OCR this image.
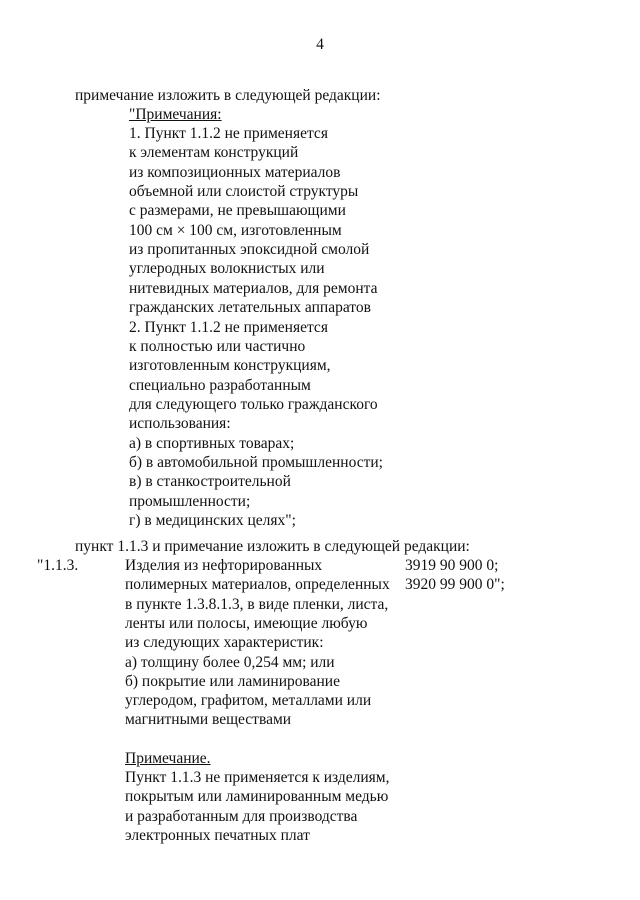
4
примечание изложить в следующей редакции:
"Примечания:
1. Пункт 1.1.2 не применяется
к элементам конструкций
из композиционных материалов
объемной или слоистой структуры
с размерами, не превышающими
100 см × 100 см, изготовленным
из пропитанных эпоксидной смолой
углеродных волокнистых или
нитевидных материалов, для ремонта
гражданских летательных аппаратов
2. Пункт 1.1.2 не применяется
к полностью или частично
изготовленным конструкциям,
специально разработанным
для следующего только гражданского
использования:
а) в спортивных товарах;
б) в автомобильной промышленности;
в) в станкостроительной
промышленности;
г) в медицинских целях";
пункт 1.1.3 и примечание изложить в следующей редакции:
"1.1.3.	Изделия из нефторированных
полимерных материалов, определенных
в пункте 1.3.8.1.3, в виде пленки, листа,
ленты или полосы, имеющие любую
из следующих характеристик:
а) толщину более 0,254 мм; или
б) покрытие или ламинирование
углеродом, графитом, металлами или
магнитными веществами
3919 90 900 0;
3920 99 900 0";
Примечание.
Пункт 1.1.3 не применяется к изделиям,
покрытым или ламинированным медью
и разработанным для производства
электронных печатных плат
